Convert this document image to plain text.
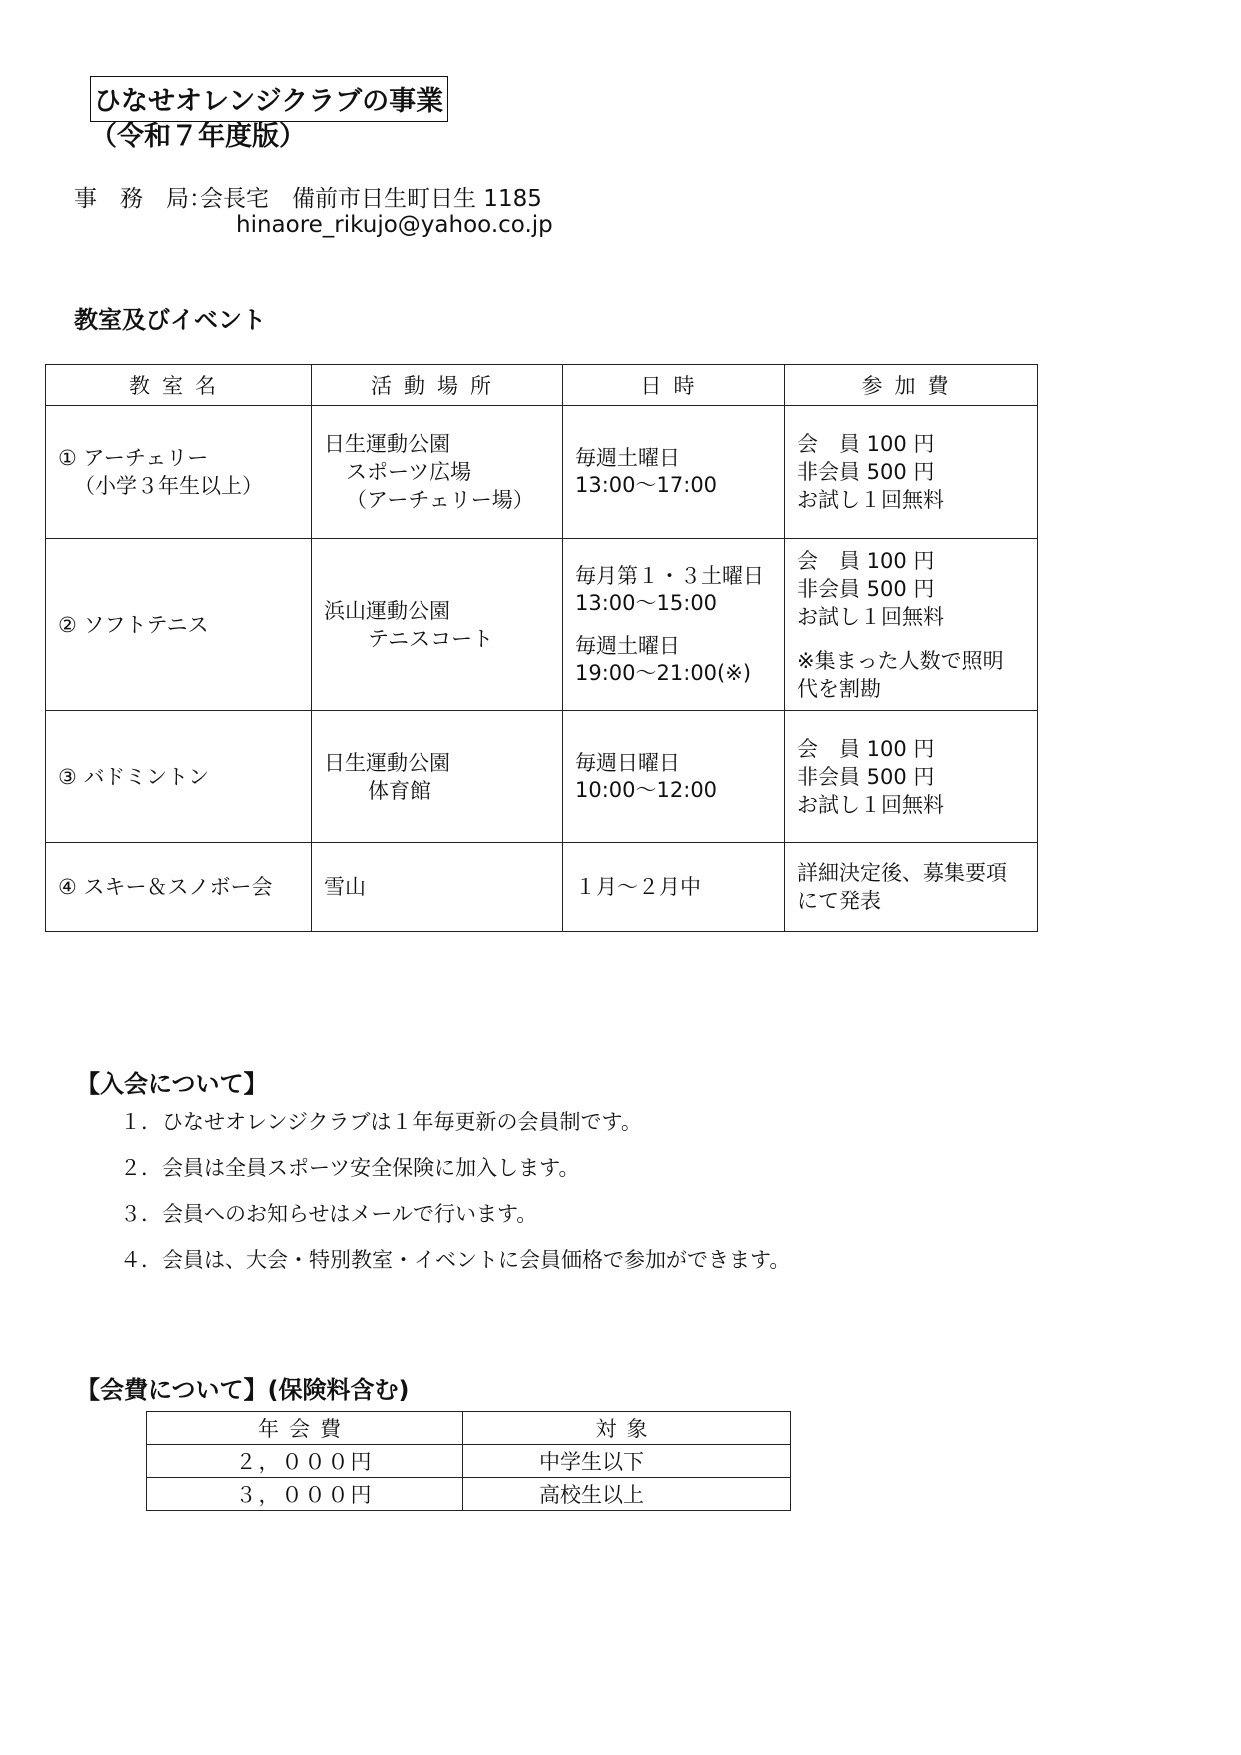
ひなせオレンジクラブの事業
（令和７年度版）
事　務　局：会長宅　備前市日生町日生 1185
hinaore_rikujo@yahoo.co.jp
教室及びイベント
教室名	活動場所	日時	参加費

① アーチェリー
（小学３年生以上）	日生運動公園
スポーツ広場
（アーチェリー場）	毎週土曜日
13:00～17:00	会　員 100 円
非会員 500 円
お試し１回無料

② ソフトテニス	浜山運動公園
テニスコート	毎月第１・３土曜日
13:00～15:00
毎週土曜日
19:00～21:00(※)	会　員 100 円
非会員 500 円
お試し１回無料
※集まった人数で照明
代を割勘

③ バドミントン	日生運動公園
体育館	毎週日曜日
10:00～12:00	会　員 100 円
非会員 500 円
お試し１回無料

④ スキー＆スノボー会	雪山	１月～２月中	詳細決定後、募集要項
にて発表
【入会について】
１．ひなせオレンジクラブは１年毎更新の会員制です。
２．会員は全員スポーツ安全保険に加入します。
３．会員へのお知らせはメールで行います。
４．会員は、大会・特別教室・イベントに会員価格で参加ができます。
【会費について】(保険料含む)
年会費	対象
２，０００円	中学生以下
３，０００円	高校生以上
